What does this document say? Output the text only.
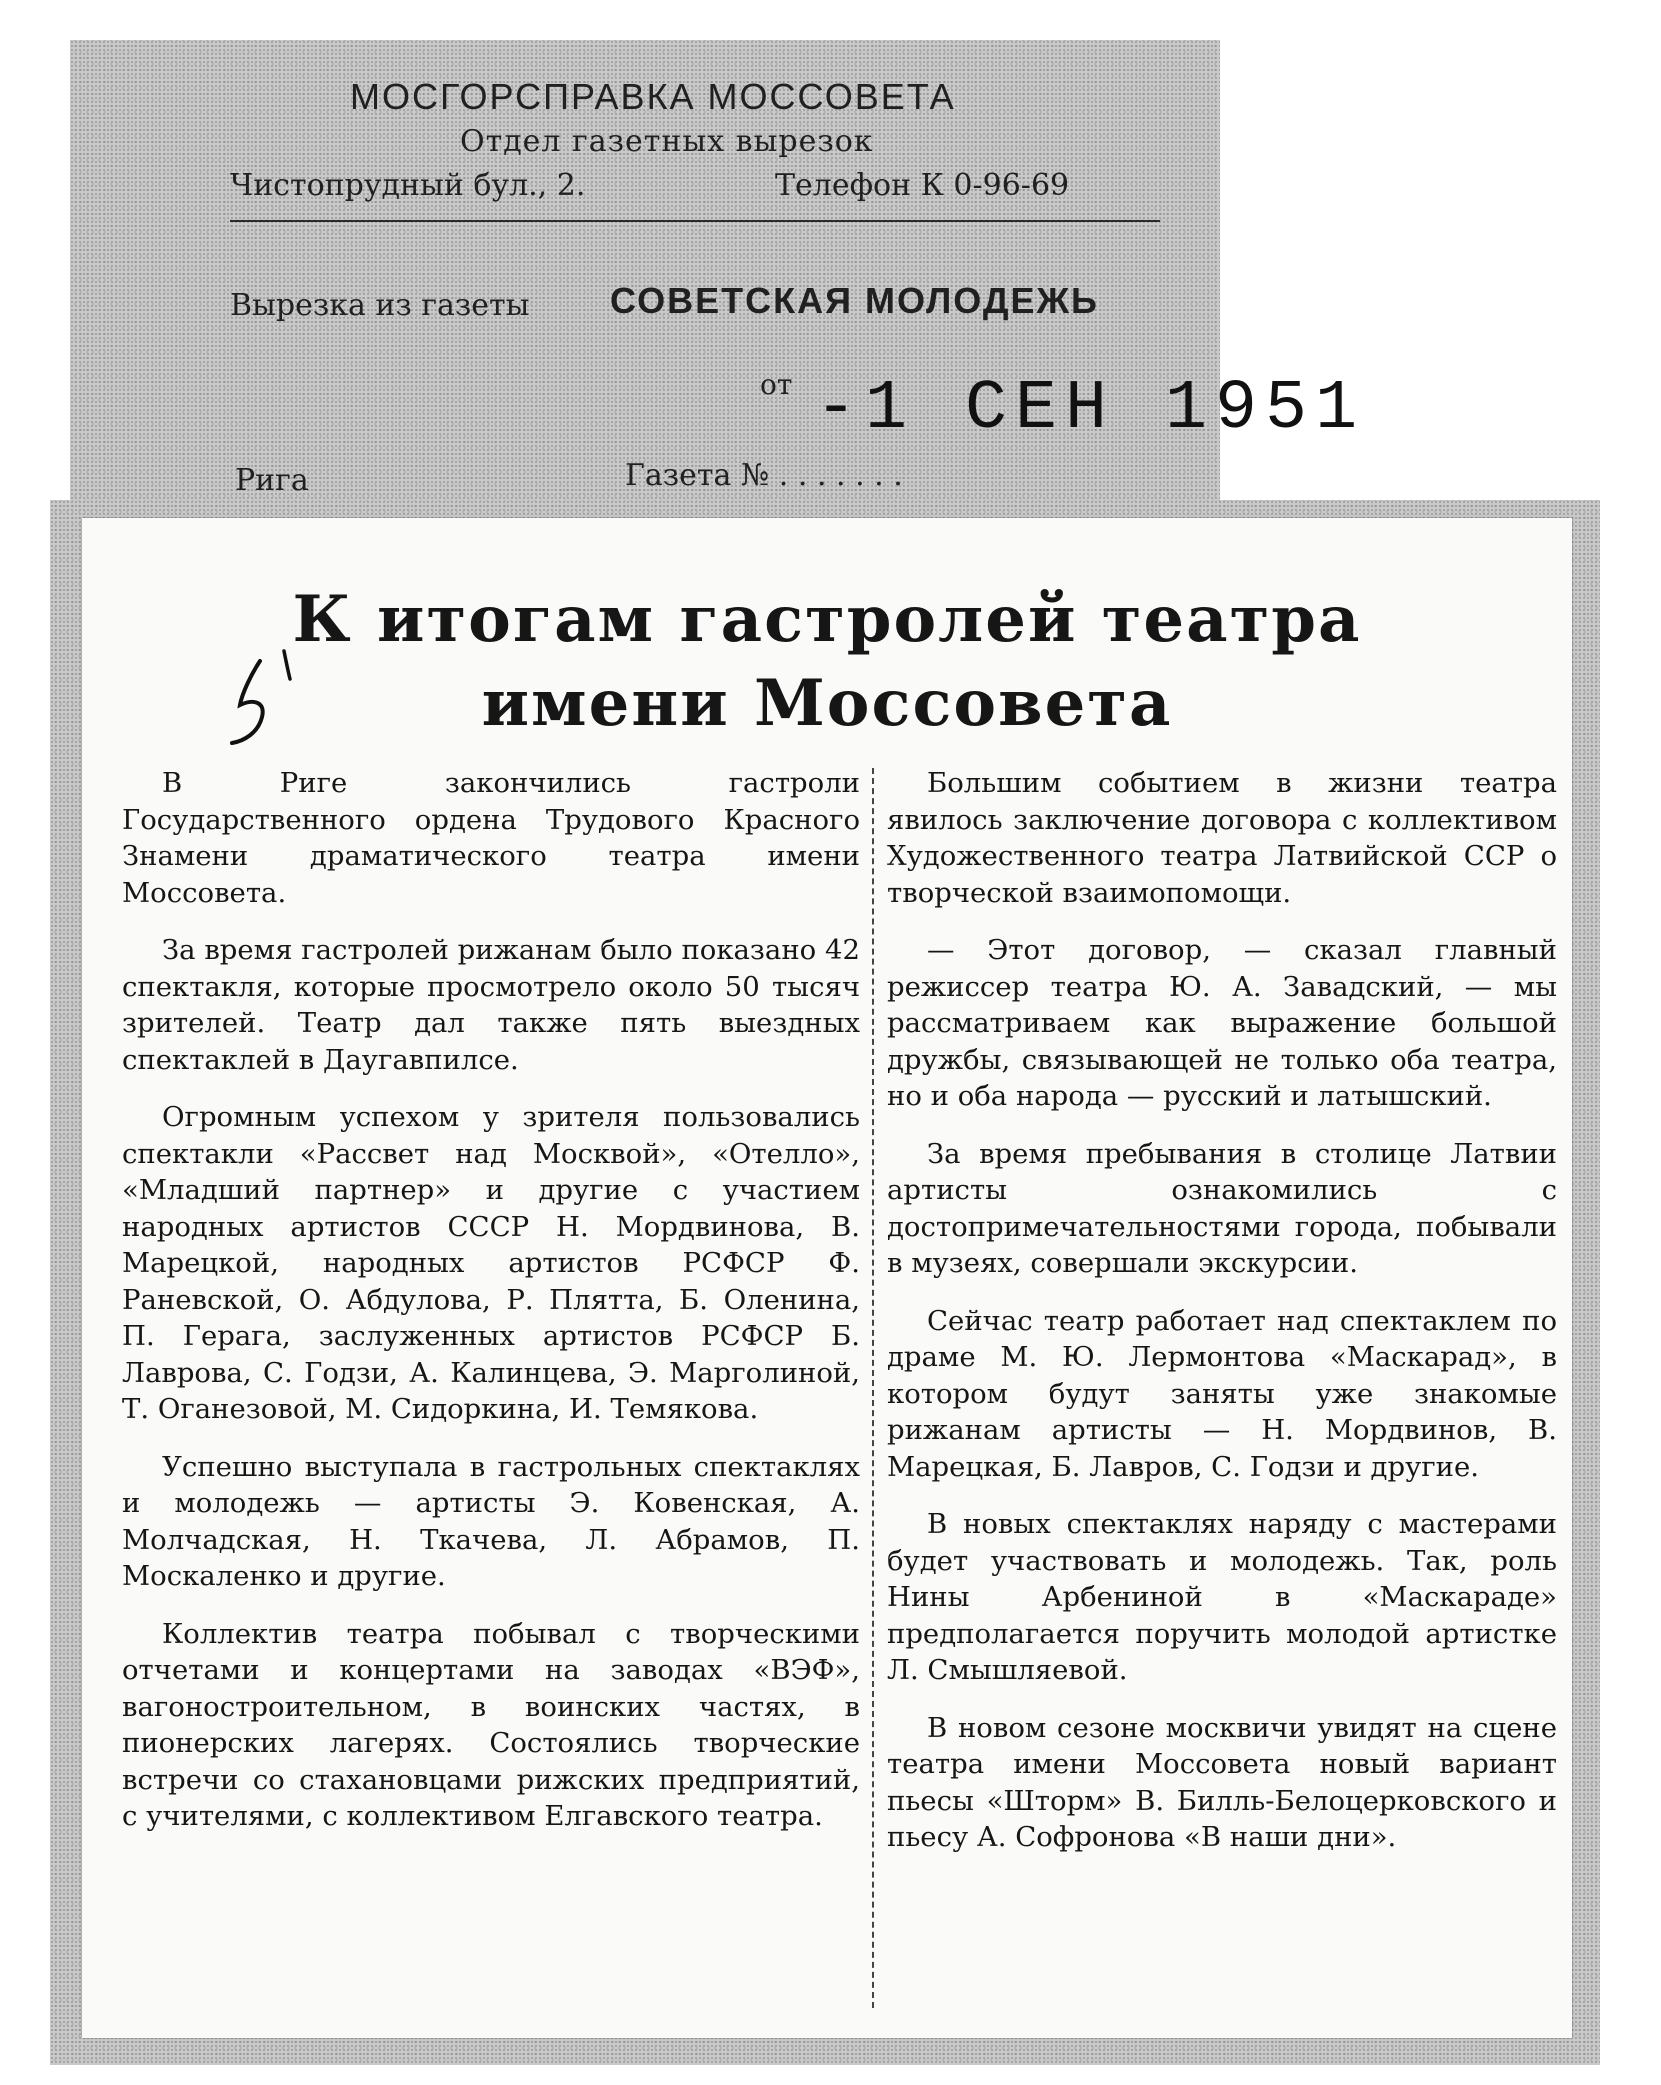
МОСГОРСПРАВКА МОССОВЕТА
Отдел газетных вырезок
Чистопрудный бул., 2.	Телефон К 0-96-69
Вырезка из газеты СОВЕТСКАЯ МОЛОДЕЖЬ
от -1 СЕН 1951
Рига	Газета № . . . . . . .
К итогам гастролей театра
имени Моссовета

В Риге закончились гастроли Государственного ордена Трудового Красного Знамени драматического театра имени Моссовета.

За время гастролей рижанам было показано 42 спектакля, которые просмотрело около 50 тысяч зрителей. Театр дал также пять выездных спектаклей в Даугавпилсе.

Огромным успехом у зрителя пользовались спектакли «Рассвет над Москвой», «Отелло», «Младший партнер» и другие с участием народных артистов СССР Н. Мордвинова, В. Марецкой, народных артистов РСФСР Ф. Раневской, О. Абдулова, Р. Плятта, Б. Оленина, П. Герага, заслуженных артистов РСФСР Б. Лаврова, С. Годзи, А. Калинцева, Э. Марголиной, Т. Оганезовой, М. Сидоркина, И. Темякова.

Успешно выступала в гастрольных спектаклях и молодежь — артисты Э. Ковенская, А. Молчадская, Н. Ткачева, Л. Абрамов, П. Москаленко и другие.

Коллектив театра побывал с творческими отчетами и концертами на заводах «ВЭФ», вагоностроительном, в воинских частях, в пионерских лагерях. Состоялись творческие встречи со стахановцами рижских предприятий, с учителями, с коллективом Елгавского театра.

Большим событием в жизни театра явилось заключение договора с коллективом Художественного театра Латвийской ССР о творческой взаимопомощи.

— Этот договор, — сказал главный режиссер театра Ю. А. Завадский, — мы рассматриваем как выражение большой дружбы, связывающей не только оба театра, но и оба народа — русский и латышский.

За время пребывания в столице Латвии артисты ознакомились с достопримечательностями города, побывали в музеях, совершали экскурсии.

Сейчас театр работает над спектаклем по драме М. Ю. Лермонтова «Маскарад», в котором будут заняты уже знакомые рижанам артисты — Н. Мордвинов, В. Марецкая, Б. Лавров, С. Годзи и другие.

В новых спектаклях наряду с мастерами будет участвовать и молодежь. Так, роль Нины Арбениной в «Маскараде» предполагается поручить молодой артистке Л. Смышляевой.

В новом сезоне москвичи увидят на сцене театра имени Моссовета новый вариант пьесы «Шторм» В. Билль-Белоцерковского и пьесу А. Софронова «В наши дни».
